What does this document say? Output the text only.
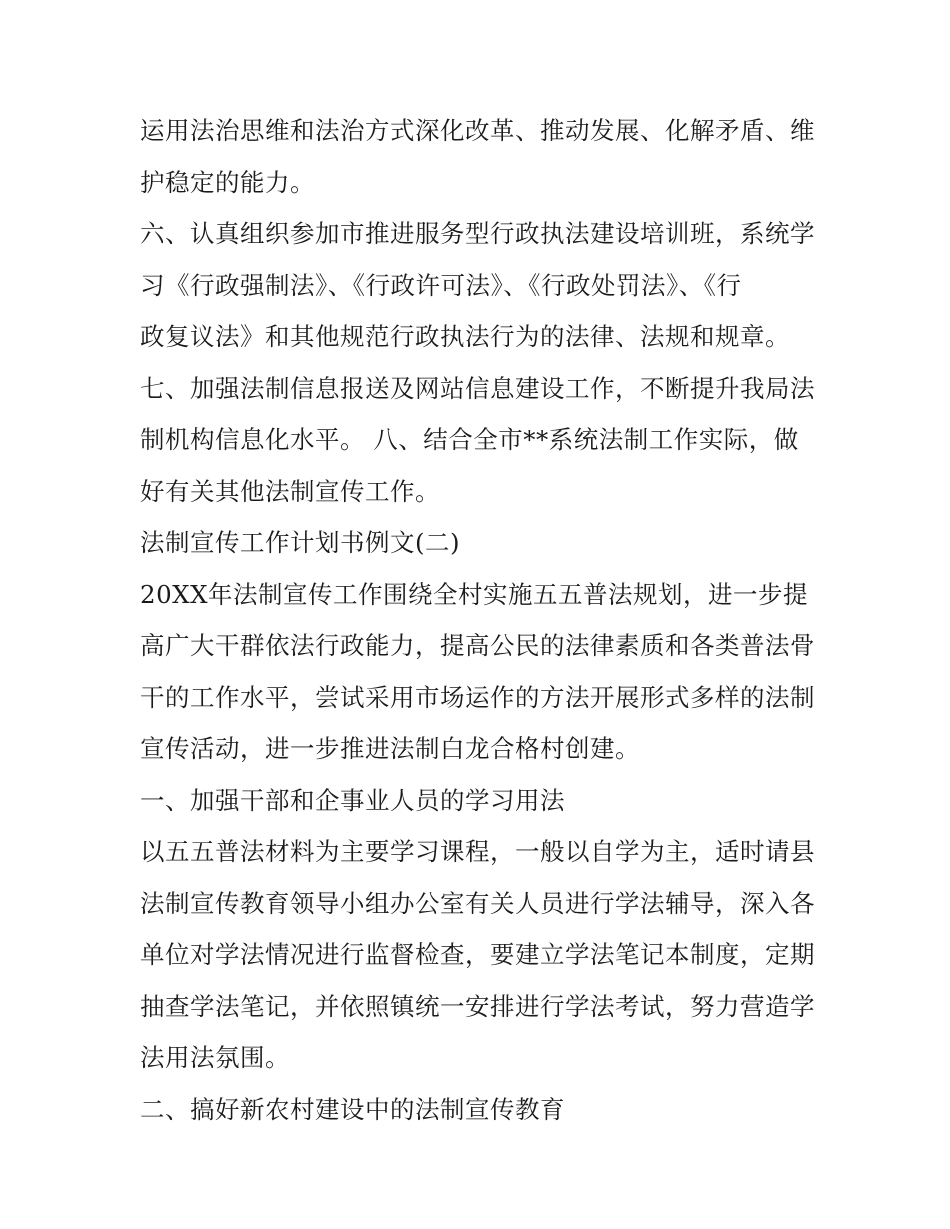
运用法治思维和法治方式深化改革、推动发展、化解矛盾、维
护稳定的能力。
六、认真组织参加市推进服务型行政执法建设培训班，系统学
习《行政强制法》、《行政许可法》、《行政处罚法》、《行
政复议法》和其他规范行政执法行为的法律、法规和规章。
七、加强法制信息报送及网站信息建设工作，不断提升我局法
制机构信息化水平。 八、结合全市**系统法制工作实际，做
好有关其他法制宣传工作。
法制宣传工作计划书例文(二)
20XX年法制宣传工作围绕全村实施五五普法规划，进一步提
高广大干群依法行政能力，提高公民的法律素质和各类普法骨
干的工作水平，尝试采用市场运作的方法开展形式多样的法制
宣传活动，进一步推进法制白龙合格村创建。
一、加强干部和企事业人员的学习用法
以五五普法材料为主要学习课程，一般以自学为主，适时请县
法制宣传教育领导小组办公室有关人员进行学法辅导，深入各
单位对学法情况进行监督检查，要建立学法笔记本制度，定期
抽查学法笔记，并依照镇统一安排进行学法考试，努力营造学
法用法氛围。
二、搞好新农村建设中的法制宣传教育
